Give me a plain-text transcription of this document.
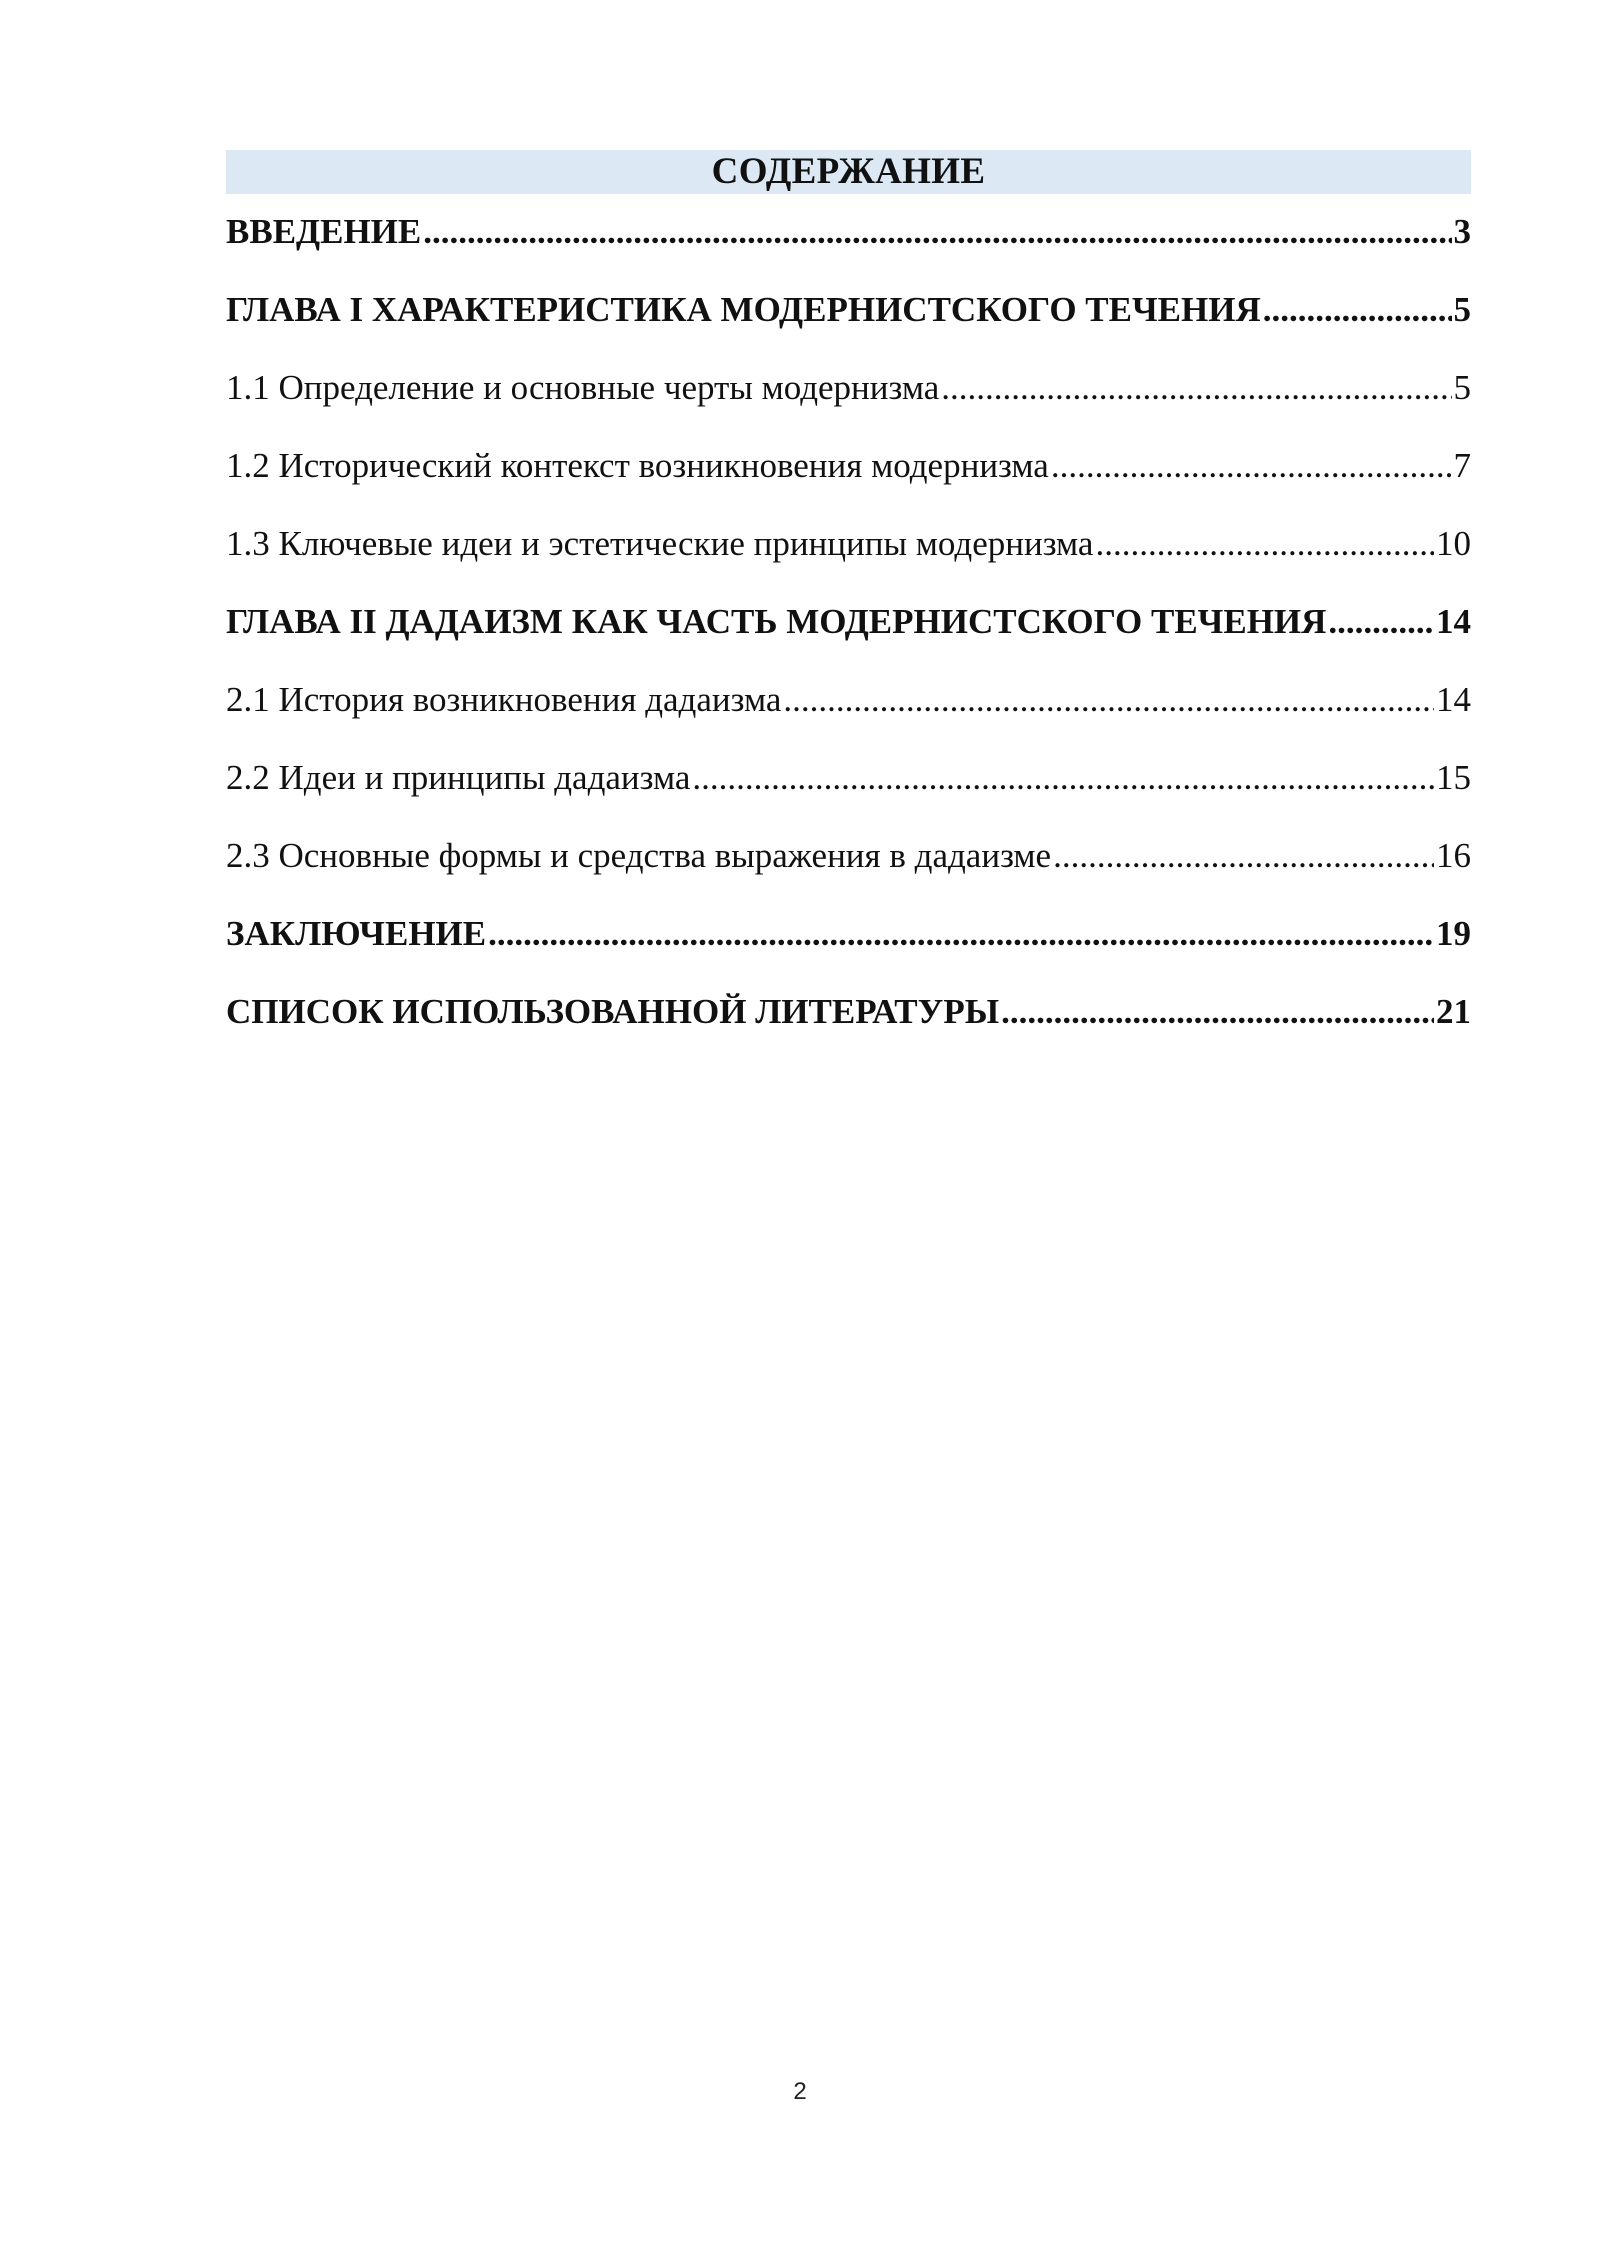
СОДЕРЖАНИЕ
ВВЕДЕНИЕ .....	3
ГЛАВА I ХАРАКТЕРИСТИКА МОДЕРНИСТСКОГО ТЕЧЕНИЯ .....	5
1.1 Определение и основные черты модернизма .....	5
1.2 Исторический контекст возникновения модернизма .....	7
1.3 Ключевые идеи и эстетические принципы модернизма .....	10
ГЛАВА II ДАДАИЗМ КАК ЧАСТЬ МОДЕРНИСТСКОГО ТЕЧЕНИЯ .....	14
2.1 История возникновения дадаизма .....	14
2.2 Идеи и принципы дадаизма .....	15
2.3 Основные формы и средства выражения в дадаизме .....	16
ЗАКЛЮЧЕНИЕ .....	19
СПИСОК ИСПОЛЬЗОВАННОЙ ЛИТЕРАТУРЫ .....	21
2
